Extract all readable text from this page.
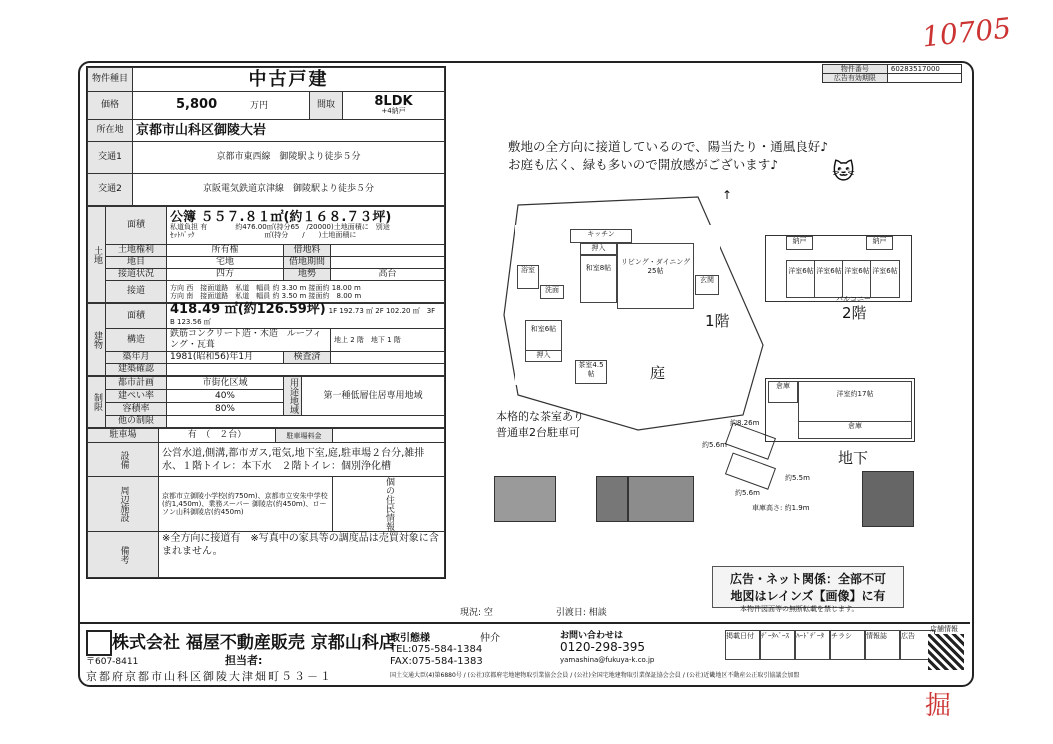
10705
掘
物件番号	60283517000
広告有効期限	
物件種目	中古戸建		
価格	5,800 万円	間取	8LDK
+4納戸

所在地	京都市山科区御陵大岩		
交通1	京都市東西線　御陵駅より徒歩５分		
交通2	京阪電気鉄道京津線　御陵駅より徒歩５分		
土地	面積	公簿 ５５７.８１㎡(約１６８.７３坪)
私道負担 有　　　　約476.00㎡(持分65　/20000)土地面積に　別途
ｾｯﾄﾊﾞｯｸ　　　　　　　　　　㎡(持分　　/　　)土地面積に		

	土地権利	所有権	借地料	
	地目	宅地	借地期間	
	接道状況	四方	地勢	高台
	接道	方向 西　接面道路　私道　幅員 約 3.30 m 接面約 18.00 m
方向 南　接面道路　私道　幅員 約 3.50 m 接面約　8.00 m		
建物	面積	418.49 ㎡(約126.59坪) 1F 192.73 ㎡ 2F 102.20 ㎡　3F　　B 123.56 ㎡		
	構造	鉄筋コンクリート造・木造　ルーフィング・瓦葺		地上 2 階　地下 1 階
	築年月	1981(昭和56)年1月	検査済	
	建築確認			
制限	都市計画	市街化区域	用途地域	第一種低層住居専用地域
	建ぺい率	40%		
	容積率	80%		
	他の制限			
駐車場	有　（　２台）	駐車場料金	
設備	公営水道,側溝,都市ガス,電気,地下室,庭,駐車場２台分,雑排水、１階トイレ：本下水　２階トイレ：個別浄化槽		
周辺施設	京都市立御陵小学校(約750m)、京都市立安朱中学校(約1,450m)、業務スーパー 御陵店(約450m)、ローソン山科御陵店(約450m)		個の住民情報
備考	※全方向に接道有　※写真中の家具等の調度品は売買対象に含まれません。		
現況: 空	引渡日: 相談
敷地の全方向に接道しているので、陽当たり・通風良好♪
お庭も広く、緑も多いので開放感がございます♪	🐱
↑
キッチン
押入
和室8帖
リビング・ダイニング25帖
玄関
和室6帖
押入
茶室4.5帖
洗面
浴室
1階
庭
本格的な茶室あり
普通車2台駐車可
納戸	納戸
洋室6帖 洋室6帖 洋室6帖 洋室6帖
バルコニー
2階
倉庫
洋室約17帖
倉庫
約8.26m
約5.6m
約5.5m
約5.6m
地下
車庫高さ: 約1.9m
広告・ネット関係：全部不可
地図はレインズ【画像】に有
本物件図面等の無断転載を禁じます。
株式会社 福屋不動産販売 京都山科店
〒607-8411	担当者:
京都府京都市山科区御陵大津畑町５３－１
取引態様	仲介
TEL:075-584-1384
FAX:075-584-1383
お問い合わせは
0120-298-395
yamashina@fukuya-k.co.jp
国土交通大臣(4)第6880号 / (公社)京都府宅地建物取引業協会会員 / (公社)全国宅地建物取引業保証協会会員 / (公社)近畿地区不動産公正取引協議会加盟
掲載日付	ﾃﾞｰﾀﾍﾞｰｽ	ﾊｰﾄﾞﾃﾞｰﾀ	チラシ	情報誌	広告
店舗情報
